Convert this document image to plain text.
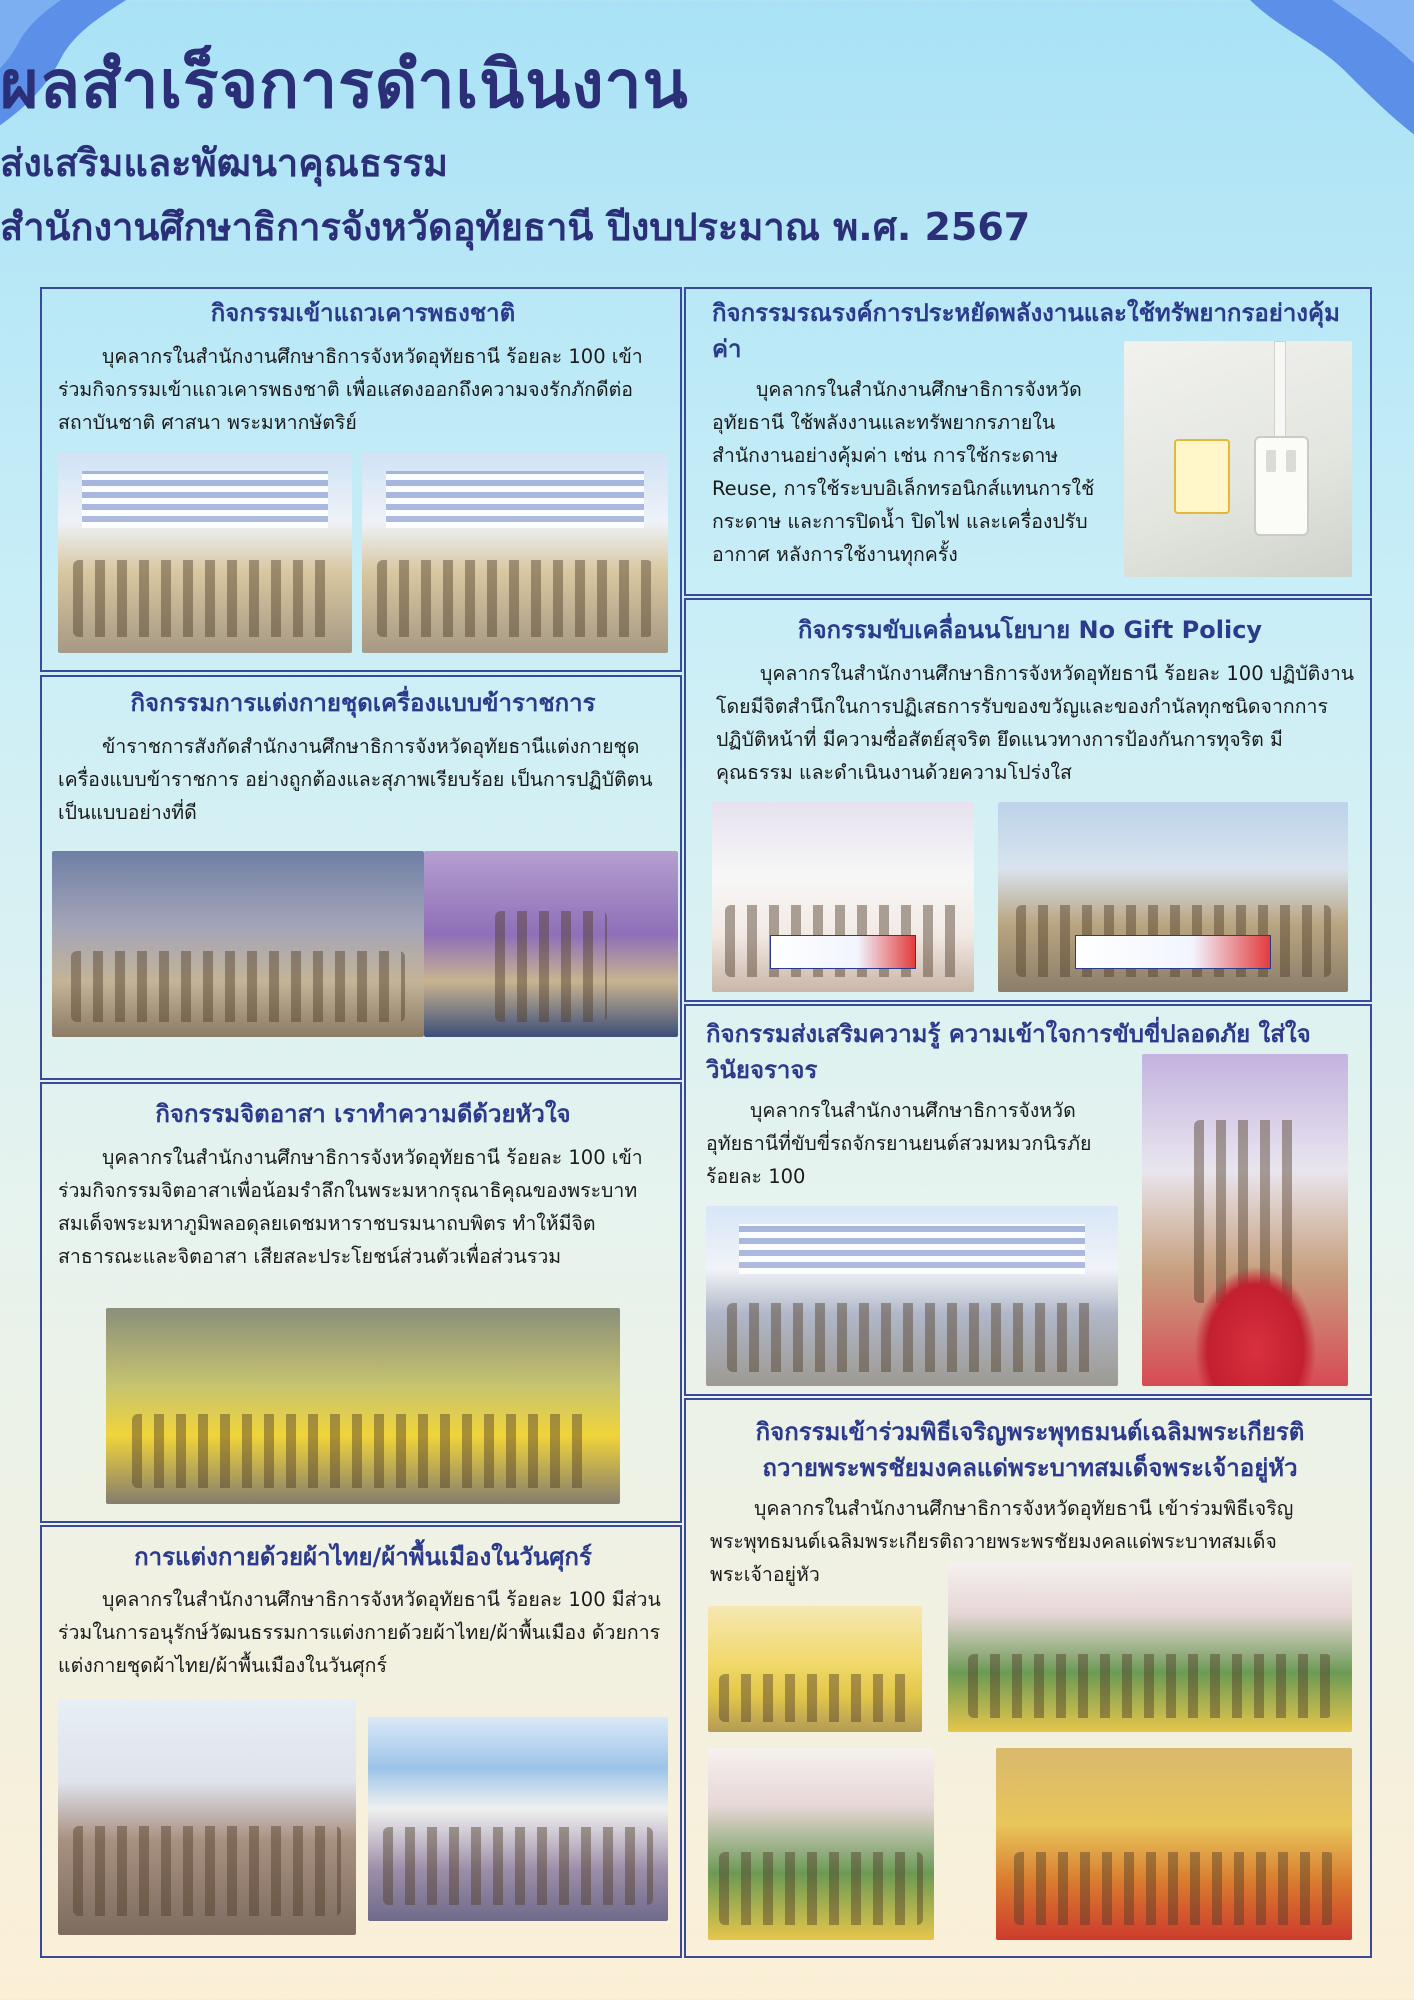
ผลสำเร็จการดำเนินงาน
ส่งเสริมและพัฒนาคุณธรรม
สำนักงานศึกษาธิการจังหวัดอุทัยธานี ปีงบประมาณ พ.ศ. 2567
กิจกรรมเข้าแถวเคารพธงชาติ
บุคลากรในสำนักงานศึกษาธิการจังหวัดอุทัยธานี ร้อยละ 100 เข้าร่วมกิจกรรมเข้าแถวเคารพธงชาติ เพื่อแสดงออกถึงความจงรักภักดีต่อสถาบันชาติ ศาสนา พระมหากษัตริย์
กิจกรรมรณรงค์การประหยัดพลังงานและใช้ทรัพยากรอย่างคุ้มค่า
บุคลากรในสำนักงานศึกษาธิการจังหวัดอุทัยธานี ใช้พลังงานและทรัพยากรภายในสำนักงานอย่างคุ้มค่า เช่น การใช้กระดาษ Reuse, การใช้ระบบอิเล็กทรอนิกส์แทนการใช้กระดาษ และการปิดน้ำ ปิดไฟ และเครื่องปรับอากาศ หลังการใช้งานทุกครั้ง
กิจกรรมขับเคลื่อนนโยบาย No Gift Policy
บุคลากรในสำนักงานศึกษาธิการจังหวัดอุทัยธานี ร้อยละ 100 ปฏิบัติงานโดยมีจิตสำนึกในการปฏิเสธการรับของขวัญและของกำนัลทุกชนิดจากการปฏิบัติหน้าที่ มีความซื่อสัตย์สุจริต ยึดแนวทางการป้องกันการทุจริต มีคุณธรรม และดำเนินงานด้วยความโปร่งใส
กิจกรรมการแต่งกายชุดเครื่องแบบข้าราชการ
ข้าราชการสังกัดสำนักงานศึกษาธิการจังหวัดอุทัยธานีแต่งกายชุดเครื่องแบบข้าราชการ อย่างถูกต้องและสุภาพเรียบร้อย เป็นการปฏิบัติตนเป็นแบบอย่างที่ดี
กิจกรรมส่งเสริมความรู้ ความเข้าใจการขับขี่ปลอดภัย ใส่ใจวินัยจราจร
บุคลากรในสำนักงานศึกษาธิการจังหวัดอุทัยธานีที่ขับขี่รถจักรยานยนต์สวมหมวกนิรภัย ร้อยละ 100
กิจกรรมจิตอาสา เราทำความดีด้วยหัวใจ
บุคลากรในสำนักงานศึกษาธิการจังหวัดอุทัยธานี ร้อยละ 100 เข้าร่วมกิจกรรมจิตอาสาเพื่อน้อมรำลึกในพระมหากรุณาธิคุณของพระบาทสมเด็จพระมหาภูมิพลอดุลยเดชมหาราชบรมนาถบพิตร ทำให้มีจิตสาธารณะและจิตอาสา เสียสละประโยชน์ส่วนตัวเพื่อส่วนรวม
กิจกรรมเข้าร่วมพิธีเจริญพระพุทธมนต์เฉลิมพระเกียรติ
ถวายพระพรชัยมงคลแด่พระบาทสมเด็จพระเจ้าอยู่หัว
บุคลากรในสำนักงานศึกษาธิการจังหวัดอุทัยธานี เข้าร่วมพิธีเจริญพระพุทธมนต์เฉลิมพระเกียรติถวายพระพรชัยมงคลแด่พระบาทสมเด็จพระเจ้าอยู่หัว
การแต่งกายด้วยผ้าไทย/ผ้าพื้นเมืองในวันศุกร์
บุคลากรในสำนักงานศึกษาธิการจังหวัดอุทัยธานี ร้อยละ 100 มีส่วนร่วมในการอนุรักษ์วัฒนธรรมการแต่งกายด้วยผ้าไทย/ผ้าพื้นเมือง ด้วยการแต่งกายชุดผ้าไทย/ผ้าพื้นเมืองในวันศุกร์
